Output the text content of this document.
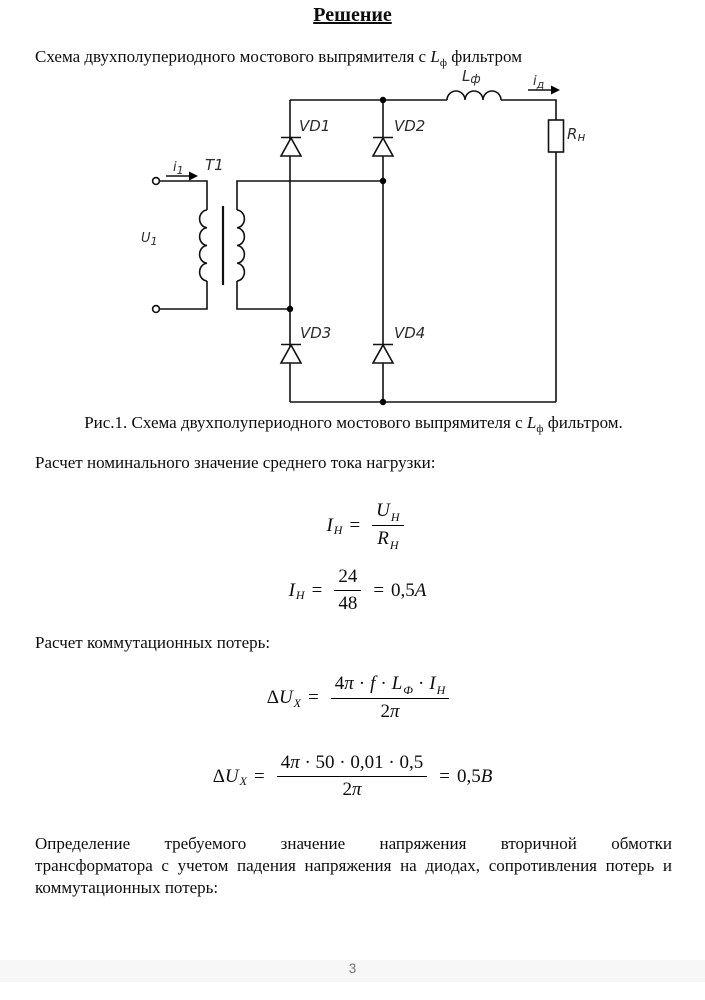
Решение
Схема двухполупериодного мостового выпрямителя с $L_ф$ фильтром
T1
$i_1$
$U_1$
VD1	VD2
VD3	VD4
Lф	$i_д$
Rн
Рис.1. Схема двухполупериодного мостового выпрямителя с $L_ф$ фильтром.
Расчет номинального значение среднего тока нагрузки:
I $Н = \frac{U_Н}{R_Н}$
I $Н = \frac{24}{48} = 0,5$ А
Расчет коммутационных потерь:
Δ U $X = \frac{4\pi \cdot f \cdot L_Ф \cdot I_Н}{2\pi}$
Δ U $X = \frac{4\pi \cdot 50 \cdot 0,01 \cdot 0,5}{2\pi} = 0,5$ В
Определение требуемого значение напряжения вторичной обмотки
трансформатора с учетом падения напряжения на диодах, сопротивления потерь и
коммутационных потерь:
3
